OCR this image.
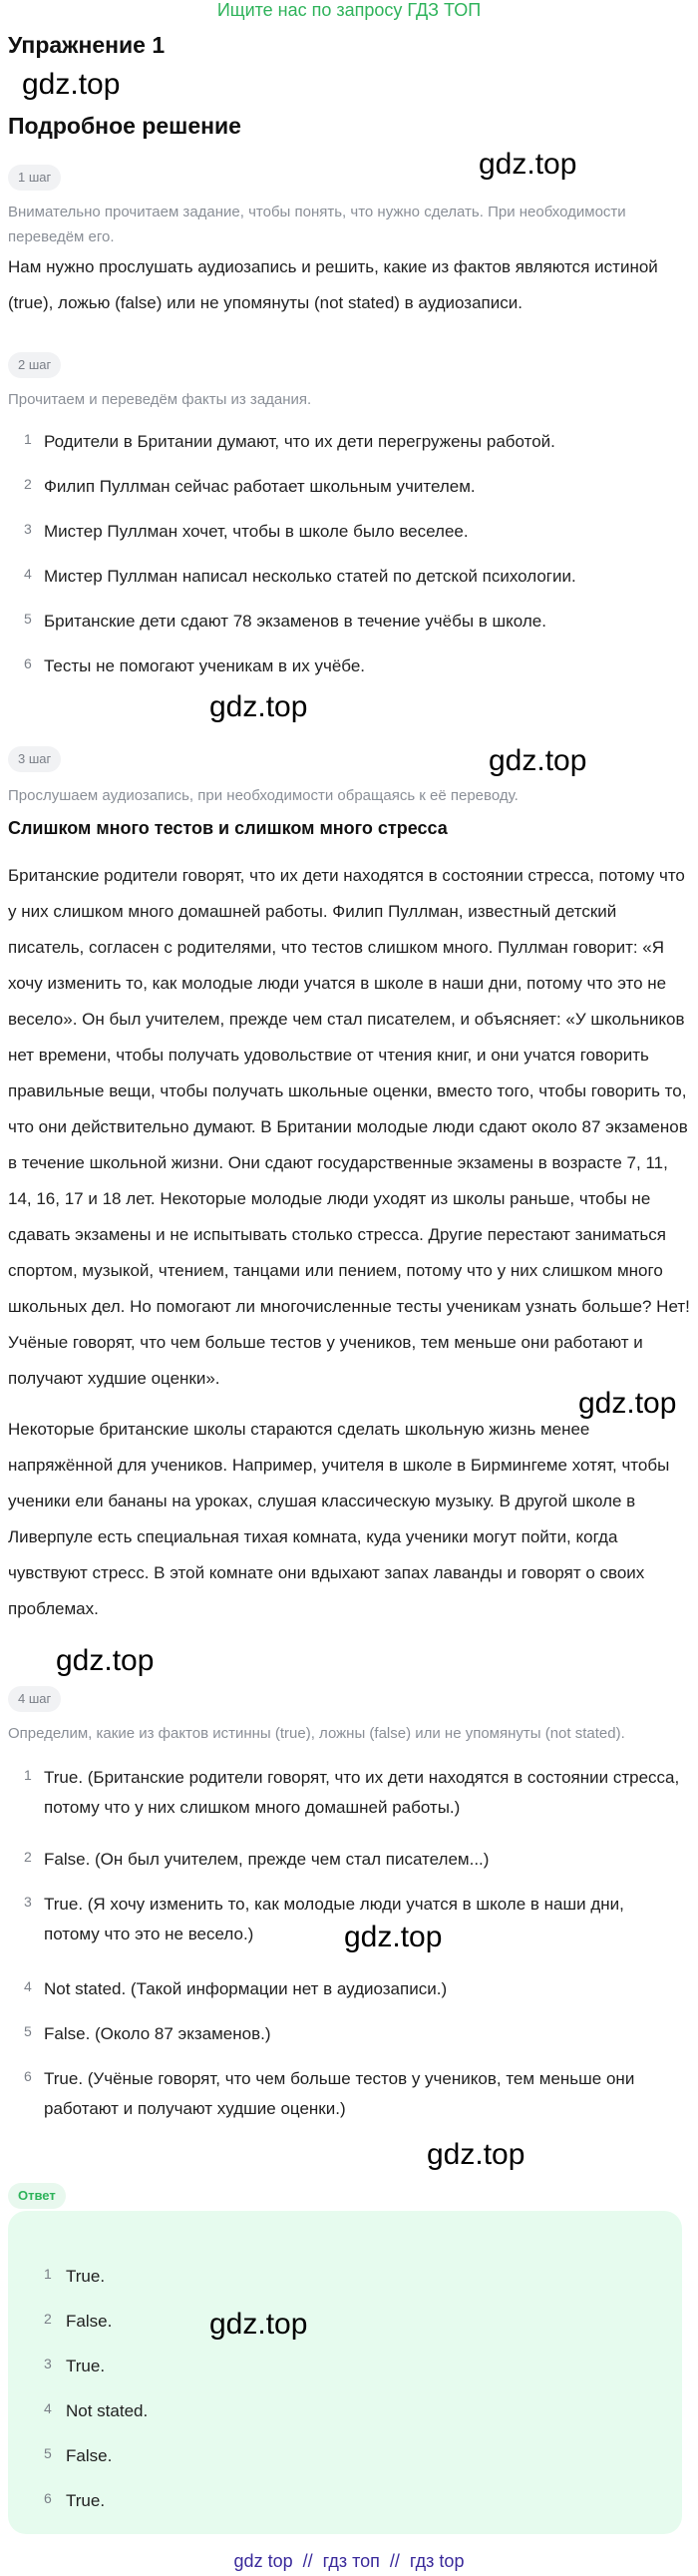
Ищите нас по запросу ГДЗ ТОП
Упражнение 1
gdz.top
Подробное решение
gdz.top
1 шаг
Внимательно прочитаем задание, чтобы понять, что нужно сделать. При необходимости переведём его.
Нам нужно прослушать аудиозапись и решить, какие из фактов являются истиной (true), ложью (false) или не упомянуты (not stated) в аудиозаписи.
2 шаг
Прочитаем и переведём факты из задания.
1 Родители в Британии думают, что их дети перегружены работой.
2 Филип Пуллман сейчас работает школьным учителем.
3 Мистер Пуллман хочет, чтобы в школе было веселее.
4 Мистер Пуллман написал несколько статей по детской психологии.
5 Британские дети сдают 78 экзаменов в течение учёбы в школе.
6 Тесты не помогают ученикам в их учёбе.
gdz.top
3 шаг	gdz.top
Прослушаем аудиозапись, при необходимости обращаясь к её переводу.
Слишком много тестов и слишком много стресса
Британские родители говорят, что их дети находятся в состоянии стресса, потому что у них слишком много домашней работы. Филип Пуллман, известный детский писатель, согласен с родителями, что тестов слишком много. Пуллман говорит: «Я хочу изменить то, как молодые люди учатся в школе в наши дни, потому что это не весело». Он был учителем, прежде чем стал писателем, и объясняет: «У школьников нет времени, чтобы получать удовольствие от чтения книг, и они учатся говорить правильные вещи, чтобы получать школьные оценки, вместо того, чтобы говорить то, что они действительно думают. В Британии молодые люди сдают около 87 экзаменов в течение школьной жизни. Они сдают государственные экзамены в возрасте 7, 11, 14, 16, 17 и 18 лет. Некоторые молодые люди уходят из школы раньше, чтобы не сдавать экзамены и не испытывать столько стресса. Другие перестают заниматься спортом, музыкой, чтением, танцами или пением, потому что у них слишком много школьных дел. Но помогают ли многочисленные тесты ученикам узнать больше? Нет! Учёные говорят, что чем больше тестов у учеников, тем меньше они работают и получают худшие оценки».
gdz.top
Некоторые британские школы стараются сделать школьную жизнь менее напряжённой для учеников. Например, учителя в школе в Бирмингеме хотят, чтобы ученики ели бананы на уроках, слушая классическую музыку. В другой школе в Ливерпуле есть специальная тихая комната, куда ученики могут пойти, когда чувствуют стресс. В этой комнате они вдыхают запах лаванды и говорят о своих проблемах.
gdz.top
4 шаг
Определим, какие из фактов истинны (true), ложны (false) или не упомянуты (not stated).
1 True. (Британские родители говорят, что их дети находятся в состоянии стресса, потому что у них слишком много домашней работы.)
2 False. (Он был учителем, прежде чем стал писателем...)
3 True. (Я хочу изменить то, как молодые люди учатся в школе в наши дни, потому что это не весело.)	gdz.top
4 Not stated. (Такой информации нет в аудиозаписи.)
5 False. (Около 87 экзаменов.)
6 True. (Учёные говорят, что чем больше тестов у учеников, тем меньше они работают и получают худшие оценки.)
gdz.top
Ответ
1 True.
2 False.	gdz.top
3 True.
4 Not stated.
5 False.
6 True.
gdz top  //  гдз топ  //  гдз top
